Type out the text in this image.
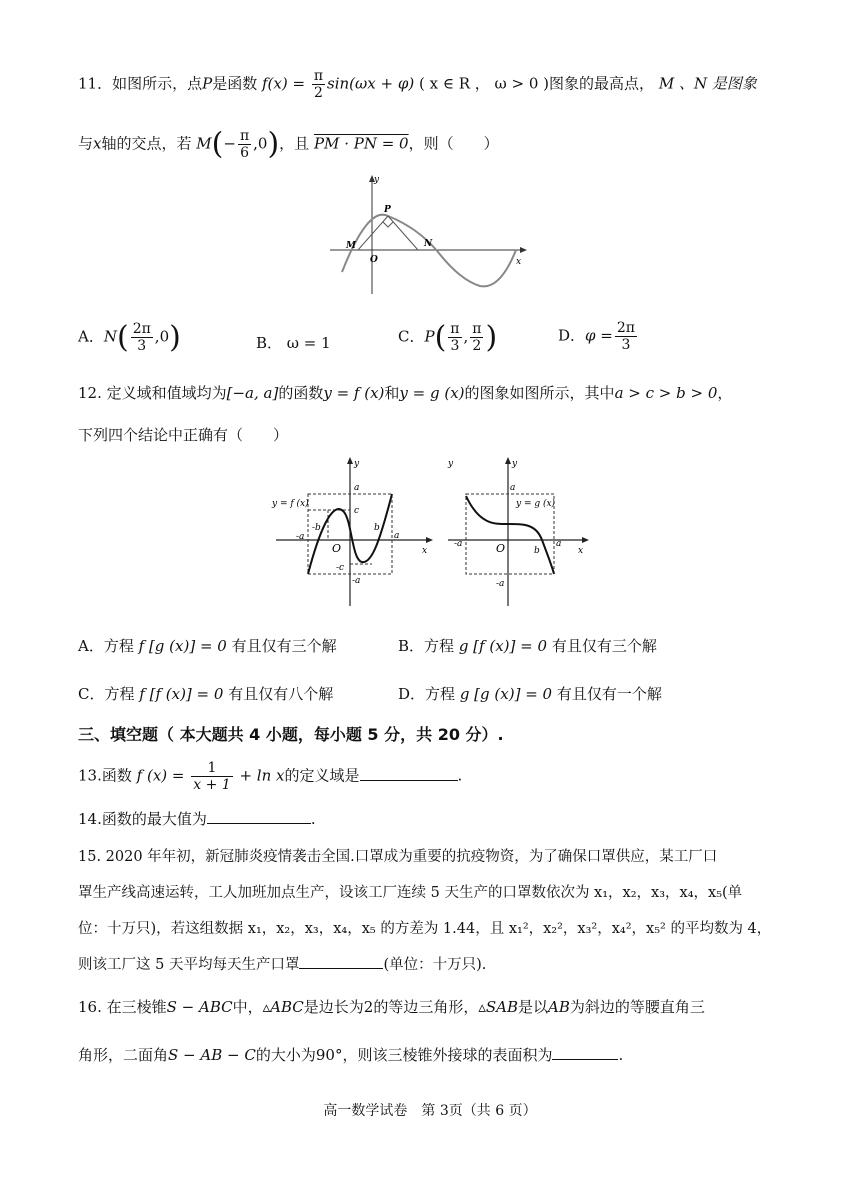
11．如图所示，点P是函数 $f(x) = \frac{\pi}{2} \sin(\omega x + \varphi)$ ( x ∈ R ， ω > 0 )图象的最高点， M 、N 是图象
与x轴的交点，若 $M(- \frac{\pi}{6} ,0)$，且 PM · PN = 0，则（　　）
y
P
M
O
N
x
A．$N( \frac{2\pi}{3} ,0)$	B． ω = 1	C．$P( \frac{\pi}{3}$ , $\frac{\pi}{2}$ )	D．$\varphi = \frac{2\pi}{3}$
12. 定义域和值域均为[−a, a]的函数y = f (x)和y = g (x)的图象如图所示，其中a > c > b > 0，
下列四个结论中正确有（　　）
y
y = f (x)
a
c
-b	b
-a
O
a
x
-c
-a
y	y
y = g (x)
a
-a	O	b
a
x
-a
A．方程 f [g (x)] = 0 有且仅有三个解	B．方程 g [f (x)] = 0 有且仅有三个解
C．方程 f [f (x)] = 0 有且仅有八个解	D．方程 g [g (x)] = 0 有且仅有一个解
三、填空题（ 本大题共 4 小题，每小题 5 分，共 20 分）.
13.函数 f $(x) = \frac{1}{x + 1} + \ln x$的定义域是	.
14.函数的最大值为	.
15. 2020 年年初，新冠肺炎疫情袭击全国.口罩成为重要的抗疫物资，为了确保口罩供应，某工厂口
罩生产线高速运转，工人加班加点生产，设该工厂连续 5 天生产的口罩数依次为 x₁，x₂，x₃，x₄，x₅(单
位：十万只)，若这组数据 x₁，x₂，x₃，x₄，x₅ 的方差为 1.44，且 x₁²，x₂²，x₃²，x₄²，x₅² 的平均数为 4，
则该工厂这 5 天平均每天生产口罩	(单位：十万只).
16. 在三棱锥S − ABC中，▵ABC是边长为2的等边三角形，▵SAB是以AB为斜边的等腰直角三
角形，二面角S − AB − C的大小为90°，则该三棱锥外接球的表面积为	.
高一数学试卷　第 3页（共 6 页）
